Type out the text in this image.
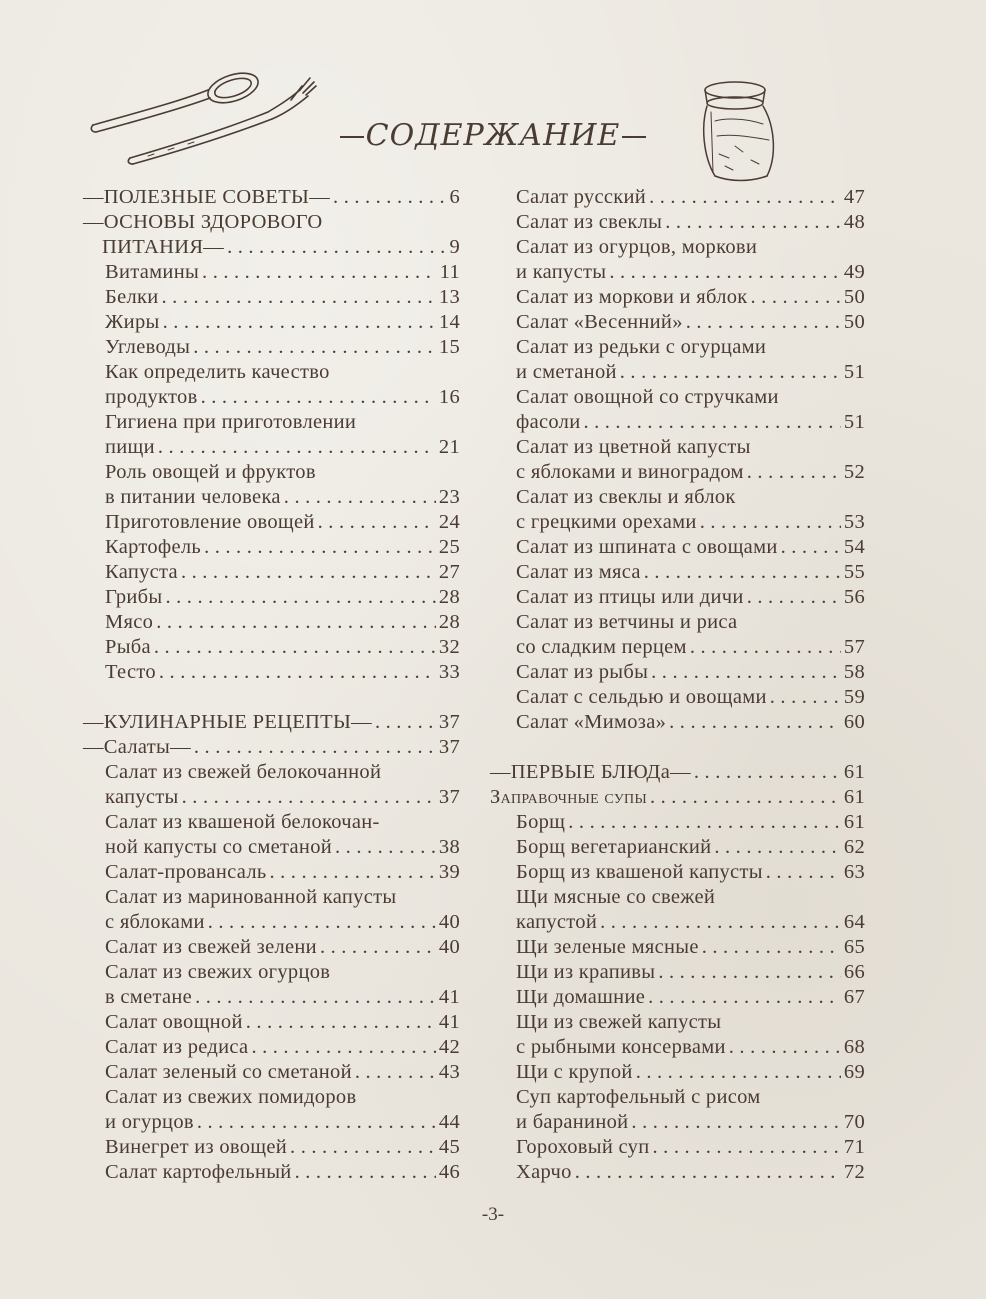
СОДЕРЖАНИЕ
—ПОЛЕЗНЫЕ СОВЕТЫ— . . .	6
—ОСНОВЫ ЗДОРОВОГО
ПИТАНИЯ— . . .	9
Витамины . . .	11
Белки . . .	13
Жиры . . .	14
Углеводы . . .	15
Как определить качество
продуктов . . .	16
Гигиена при приготовлении
пищи . . .	21
Роль овощей и фруктов
в питании человека . . .	23
Приготовление овощей . . .	24
Картофель . . .	25
Капуста . . .	27
Грибы . . .	28
Мясо . . .	28
Рыба . . .	32
Тесто . . .	33
—КУЛИНАРНЫЕ РЕЦЕПТЫ— . . .	37
—Салаты— . . .	37
Салат из свежей белокочанной
капусты . . .	37
Салат из квашеной белокочан-
ной капусты со сметаной . . .	38
Салат-провансаль . . .	39
Салат из маринованной капусты
с яблоками . . .	40
Салат из свежей зелени . . .	40
Салат из свежих огурцов
в сметане . . .	41
Салат овощной . . .	41
Салат из редиса . . .	42
Салат зеленый со сметаной . . .	43
Салат из свежих помидоров
и огурцов . . .	44
Винегрет из овощей . . .	45
Салат картофельный . . .	46
Салат русский . . .	47
Салат из свеклы . . .	48
Салат из огурцов, моркови
и капусты . . .	49
Салат из моркови и яблок . . .	50
Салат «Весенний» . . .	50
Салат из редьки с огурцами
и сметаной . . .	51
Салат овощной со стручками
фасоли . . .	51
Салат из цветной капусты
с яблоками и виноградом . . .	52
Салат из свеклы и яблок
с грецкими орехами . . .	53
Салат из шпината с овощами . . .	54
Салат из мяса . . .	55
Салат из птицы или дичи . . .	56
Салат из ветчины и риса
со сладким перцем . . .	57
Салат из рыбы . . .	58
Салат с сельдью и овощами . . .	59
Салат «Мимоза» . . .	60
—ПЕРВЫЕ БЛЮДа— . . .	61
Заправочные супы . . .	61
Борщ . . .	61
Борщ вегетарианский . . .	62
Борщ из квашеной капусты . . .	63
Щи мясные со свежей
капустой . . .	64
Щи зеленые мясные . . .	65
Щи из крапивы . . .	66
Щи домашние . . .	67
Щи из свежей капусты
с рыбными консервами . . .	68
Щи с крупой . . .	69
Суп картофельный с рисом
и бараниной . . .	70
Гороховый суп . . .	71
Харчо . . .	72
-3-
